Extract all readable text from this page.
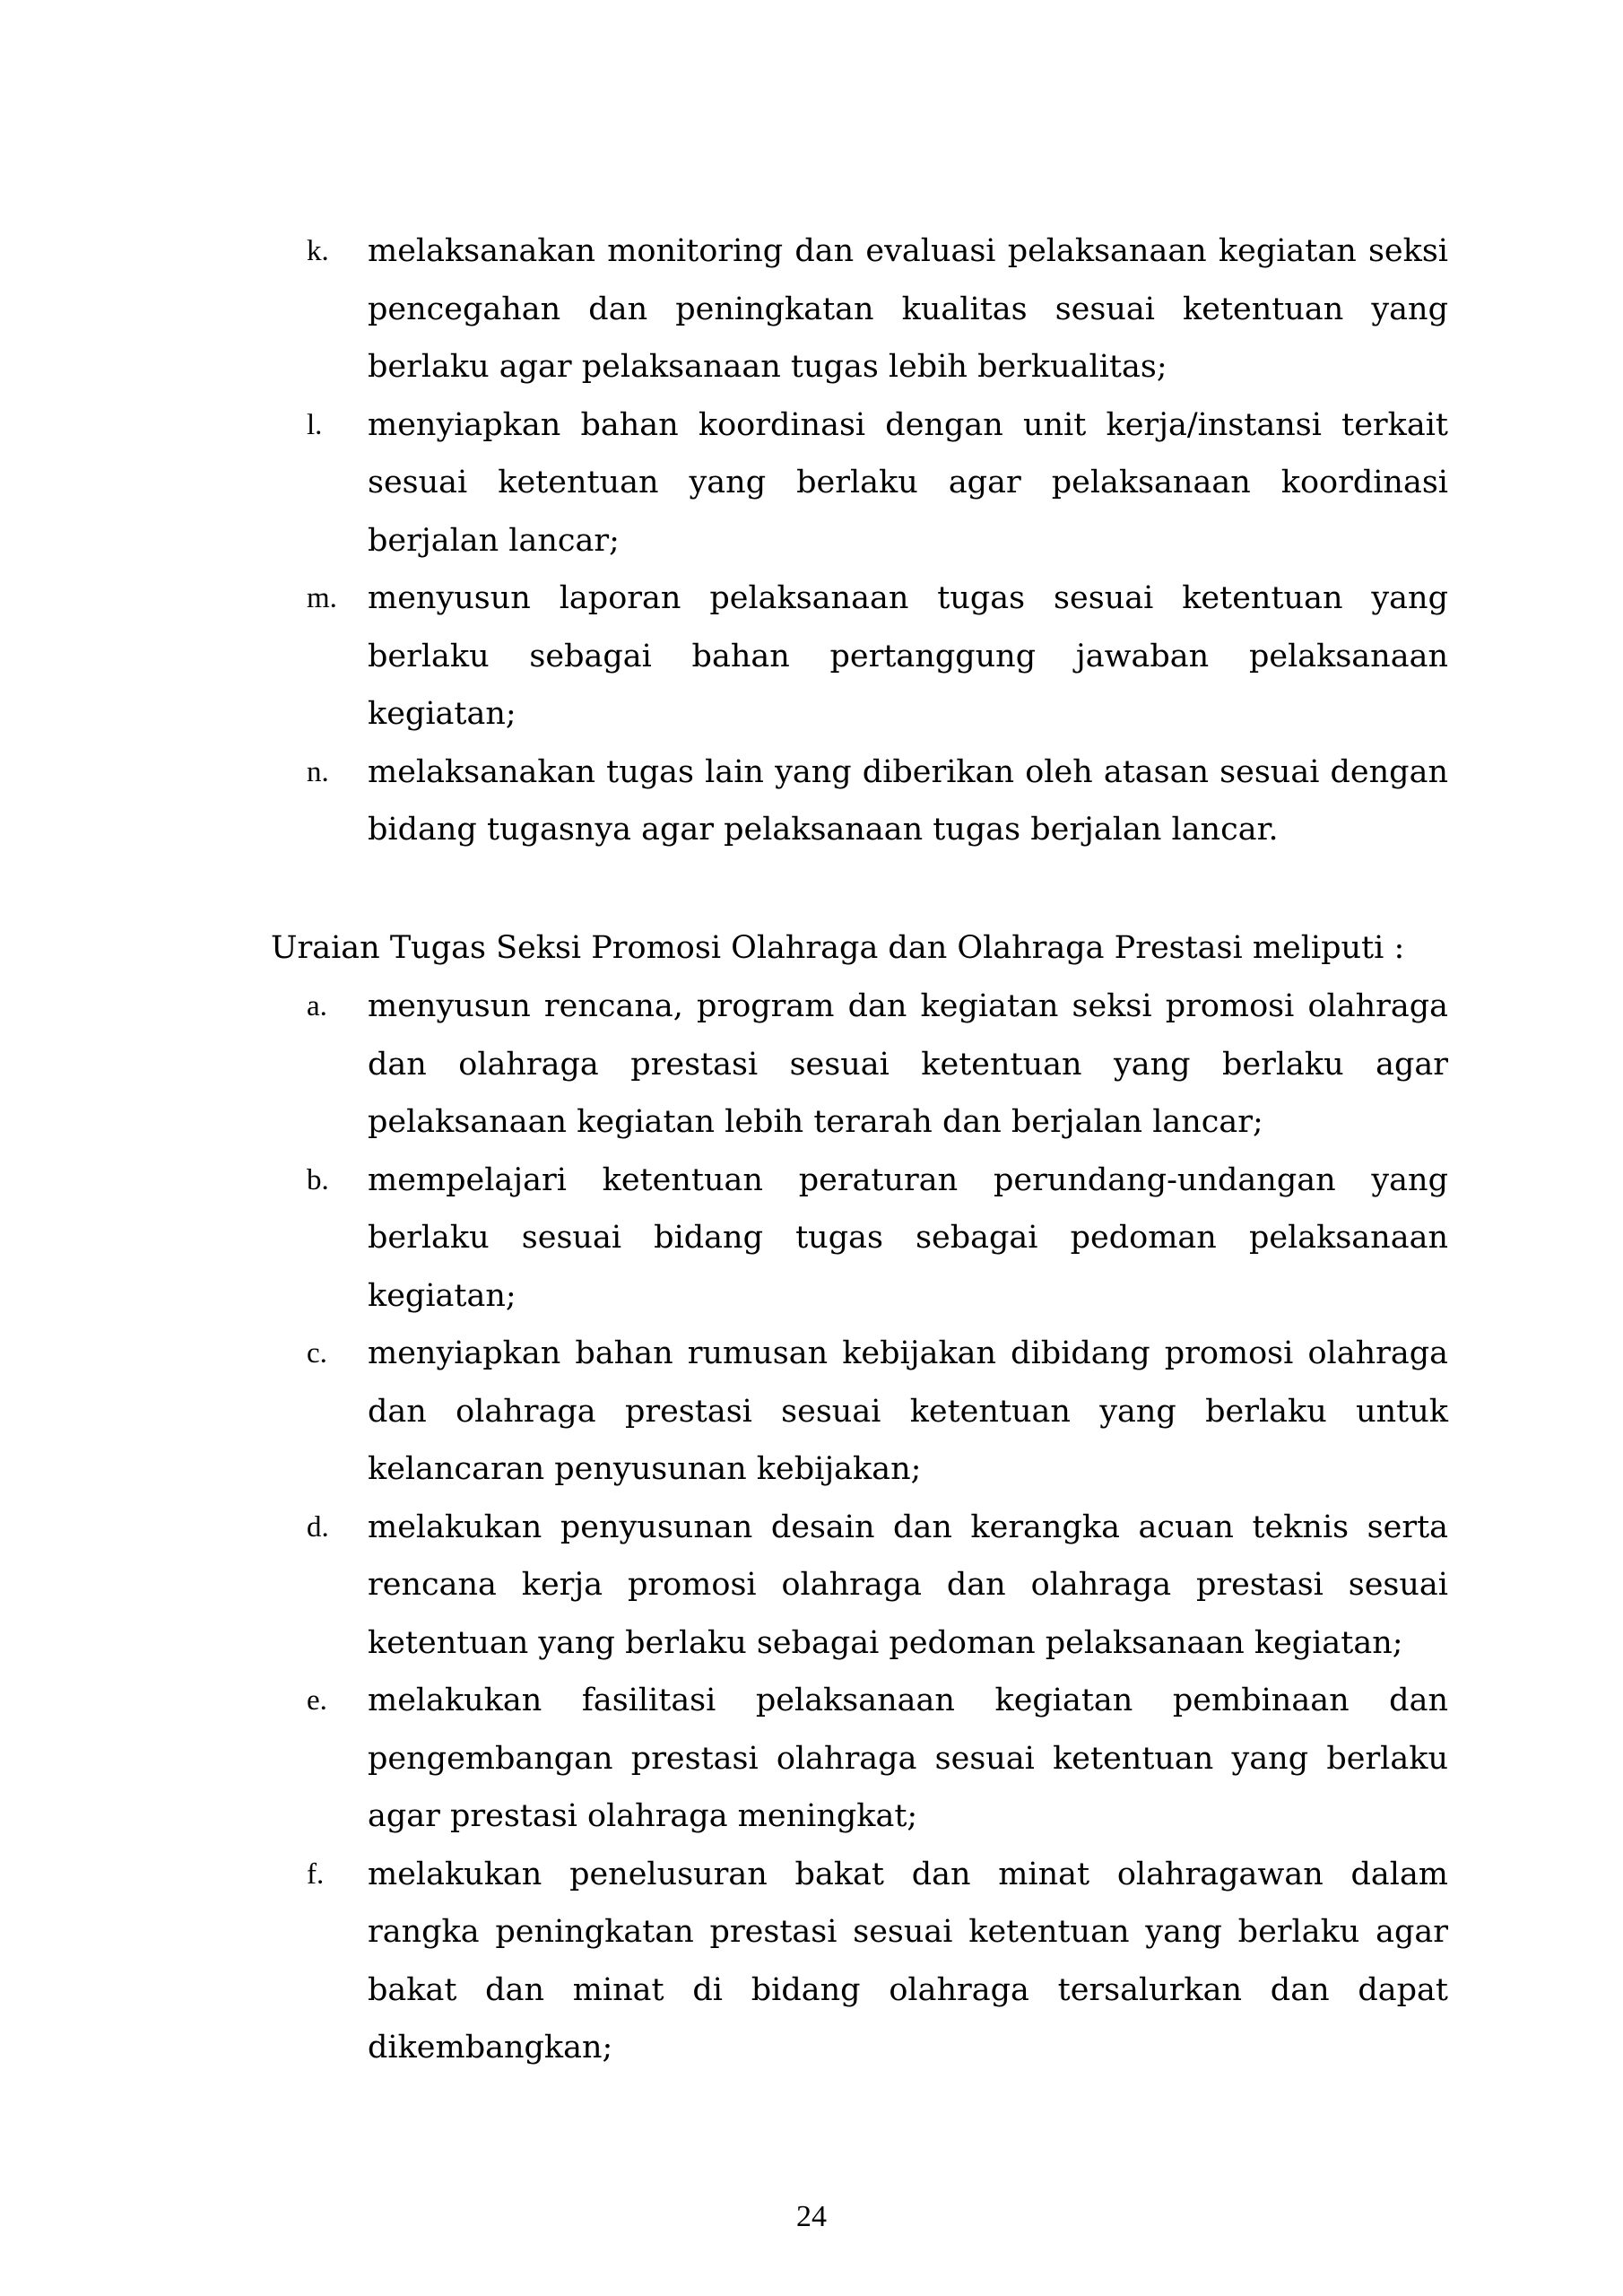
k. melaksanakan monitoring dan evaluasi pelaksanaan kegiatan seksi pencegahan dan peningkatan kualitas sesuai ketentuan yang berlaku agar pelaksanaan tugas lebih berkualitas;
l. menyiapkan bahan koordinasi dengan unit kerja/instansi terkait sesuai ketentuan yang berlaku agar pelaksanaan koordinasi berjalan lancar;
m. menyusun laporan pelaksanaan tugas sesuai ketentuan yang berlaku sebagai bahan pertanggung jawaban pelaksanaan kegiatan;
n. melaksanakan tugas lain yang diberikan oleh atasan sesuai dengan bidang tugasnya agar pelaksanaan tugas berjalan lancar.

Uraian Tugas Seksi Promosi Olahraga dan Olahraga Prestasi meliputi :

a. menyusun rencana, program dan kegiatan seksi promosi olahraga dan olahraga prestasi sesuai ketentuan yang berlaku agar pelaksanaan kegiatan lebih terarah dan berjalan lancar;
b. mempelajari ketentuan peraturan perundang-undangan yang berlaku sesuai bidang tugas sebagai pedoman pelaksanaan kegiatan;
c. menyiapkan bahan rumusan kebijakan dibidang promosi olahraga dan olahraga prestasi sesuai ketentuan yang berlaku untuk kelancaran penyusunan kebijakan;
d. melakukan penyusunan desain dan kerangka acuan teknis serta rencana kerja promosi olahraga dan olahraga prestasi sesuai ketentuan yang berlaku sebagai pedoman pelaksanaan kegiatan;
e. melakukan fasilitasi pelaksanaan kegiatan pembinaan dan pengembangan prestasi olahraga sesuai ketentuan yang berlaku agar prestasi olahraga meningkat;
f. melakukan penelusuran bakat dan minat olahragawan dalam rangka peningkatan prestasi sesuai ketentuan yang berlaku agar bakat dan minat di bidang olahraga tersalurkan dan dapat dikembangkan;
24
